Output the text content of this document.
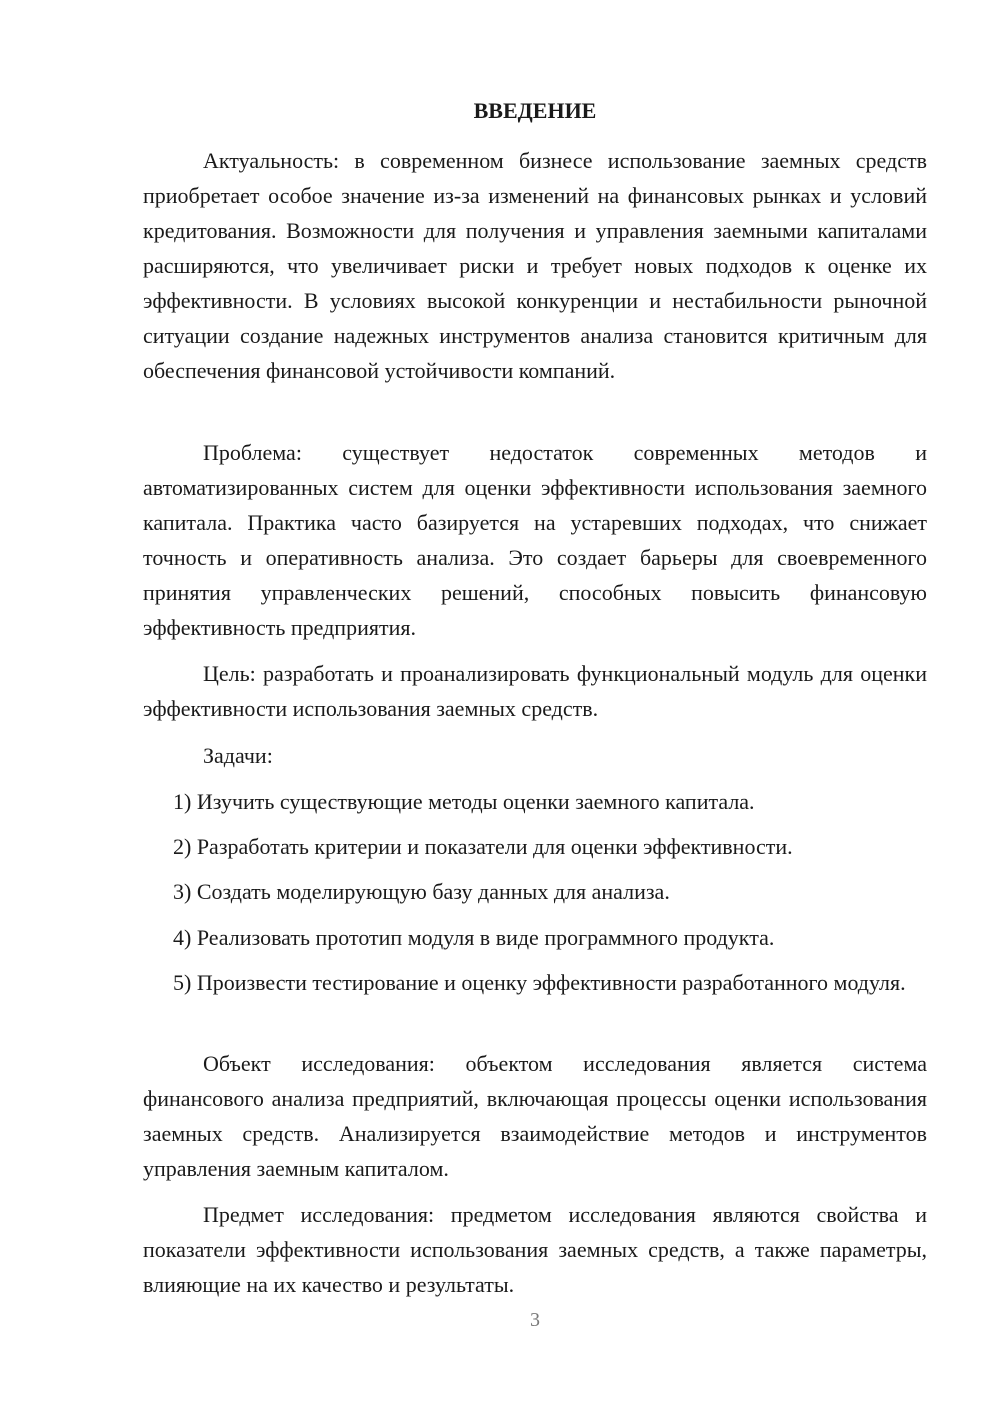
ВВЕДЕНИЕ

Актуальность: в современном бизнесе использование заемных средств приобретает особое значение из-за изменений на финансовых рынках и условий кредитования. Возможности для получения и управления заемными капиталами расширяются, что увеличивает риски и требует новых подходов к оценке их эффективности. В условиях высокой конкуренции и нестабильности рыночной ситуации создание надежных инструментов анализа становится критичным для обеспечения финансовой устойчивости компаний.

Проблема: существует недостаток современных методов и автоматизированных систем для оценки эффективности использования заемного капитала. Практика часто базируется на устаревших подходах, что снижает точность и оперативность анализа. Это создает барьеры для своевременного принятия управленческих решений, способных повысить финансовую эффективность предприятия.

Цель: разработать и проанализировать функциональный модуль для оценки эффективности использования заемных средств.

Задачи:

1) Изучить существующие методы оценки заемного капитала.

2) Разработать критерии и показатели для оценки эффективности.

3) Создать моделирующую базу данных для анализа.

4) Реализовать прототип модуля в виде программного продукта.

5) Произвести тестирование и оценку эффективности разработанного модуля.

Объект исследования: объектом исследования является система финансового анализа предприятий, включающая процессы оценки использования заемных средств. Анализируется взаимодействие методов и инструментов управления заемным капиталом.

Предмет исследования: предметом исследования являются свойства и показатели эффективности использования заемных средств, а также параметры, влияющие на их качество и результаты.

3
